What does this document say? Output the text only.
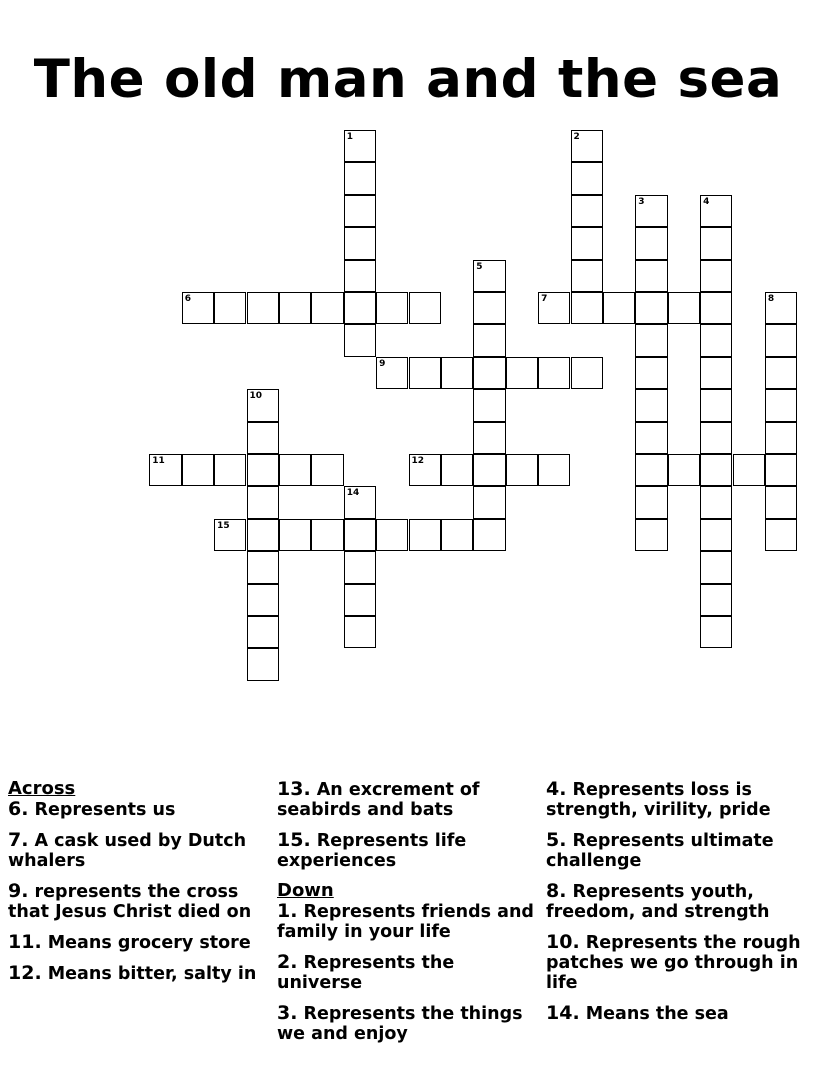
The old man and the sea
1	2
3	4
5
6	7	8
9
10
11	12
14
15

Across

6. Represents us

7. A cask used by Dutch whalers

9. represents the cross that Jesus Christ died on

11. Means grocery store

12. Means bitter, salty in

13. An excrement of seabirds and bats

15. Represents life experiences

Down

1. Represents friends and family in your life

2. Represents the universe

3. Represents the things we and enjoy

4. Represents loss is strength, virility, pride

5. Represents ultimate challenge

8. Represents youth, freedom, and strength

10. Represents the rough patches we go through in life

14. Means the sea
